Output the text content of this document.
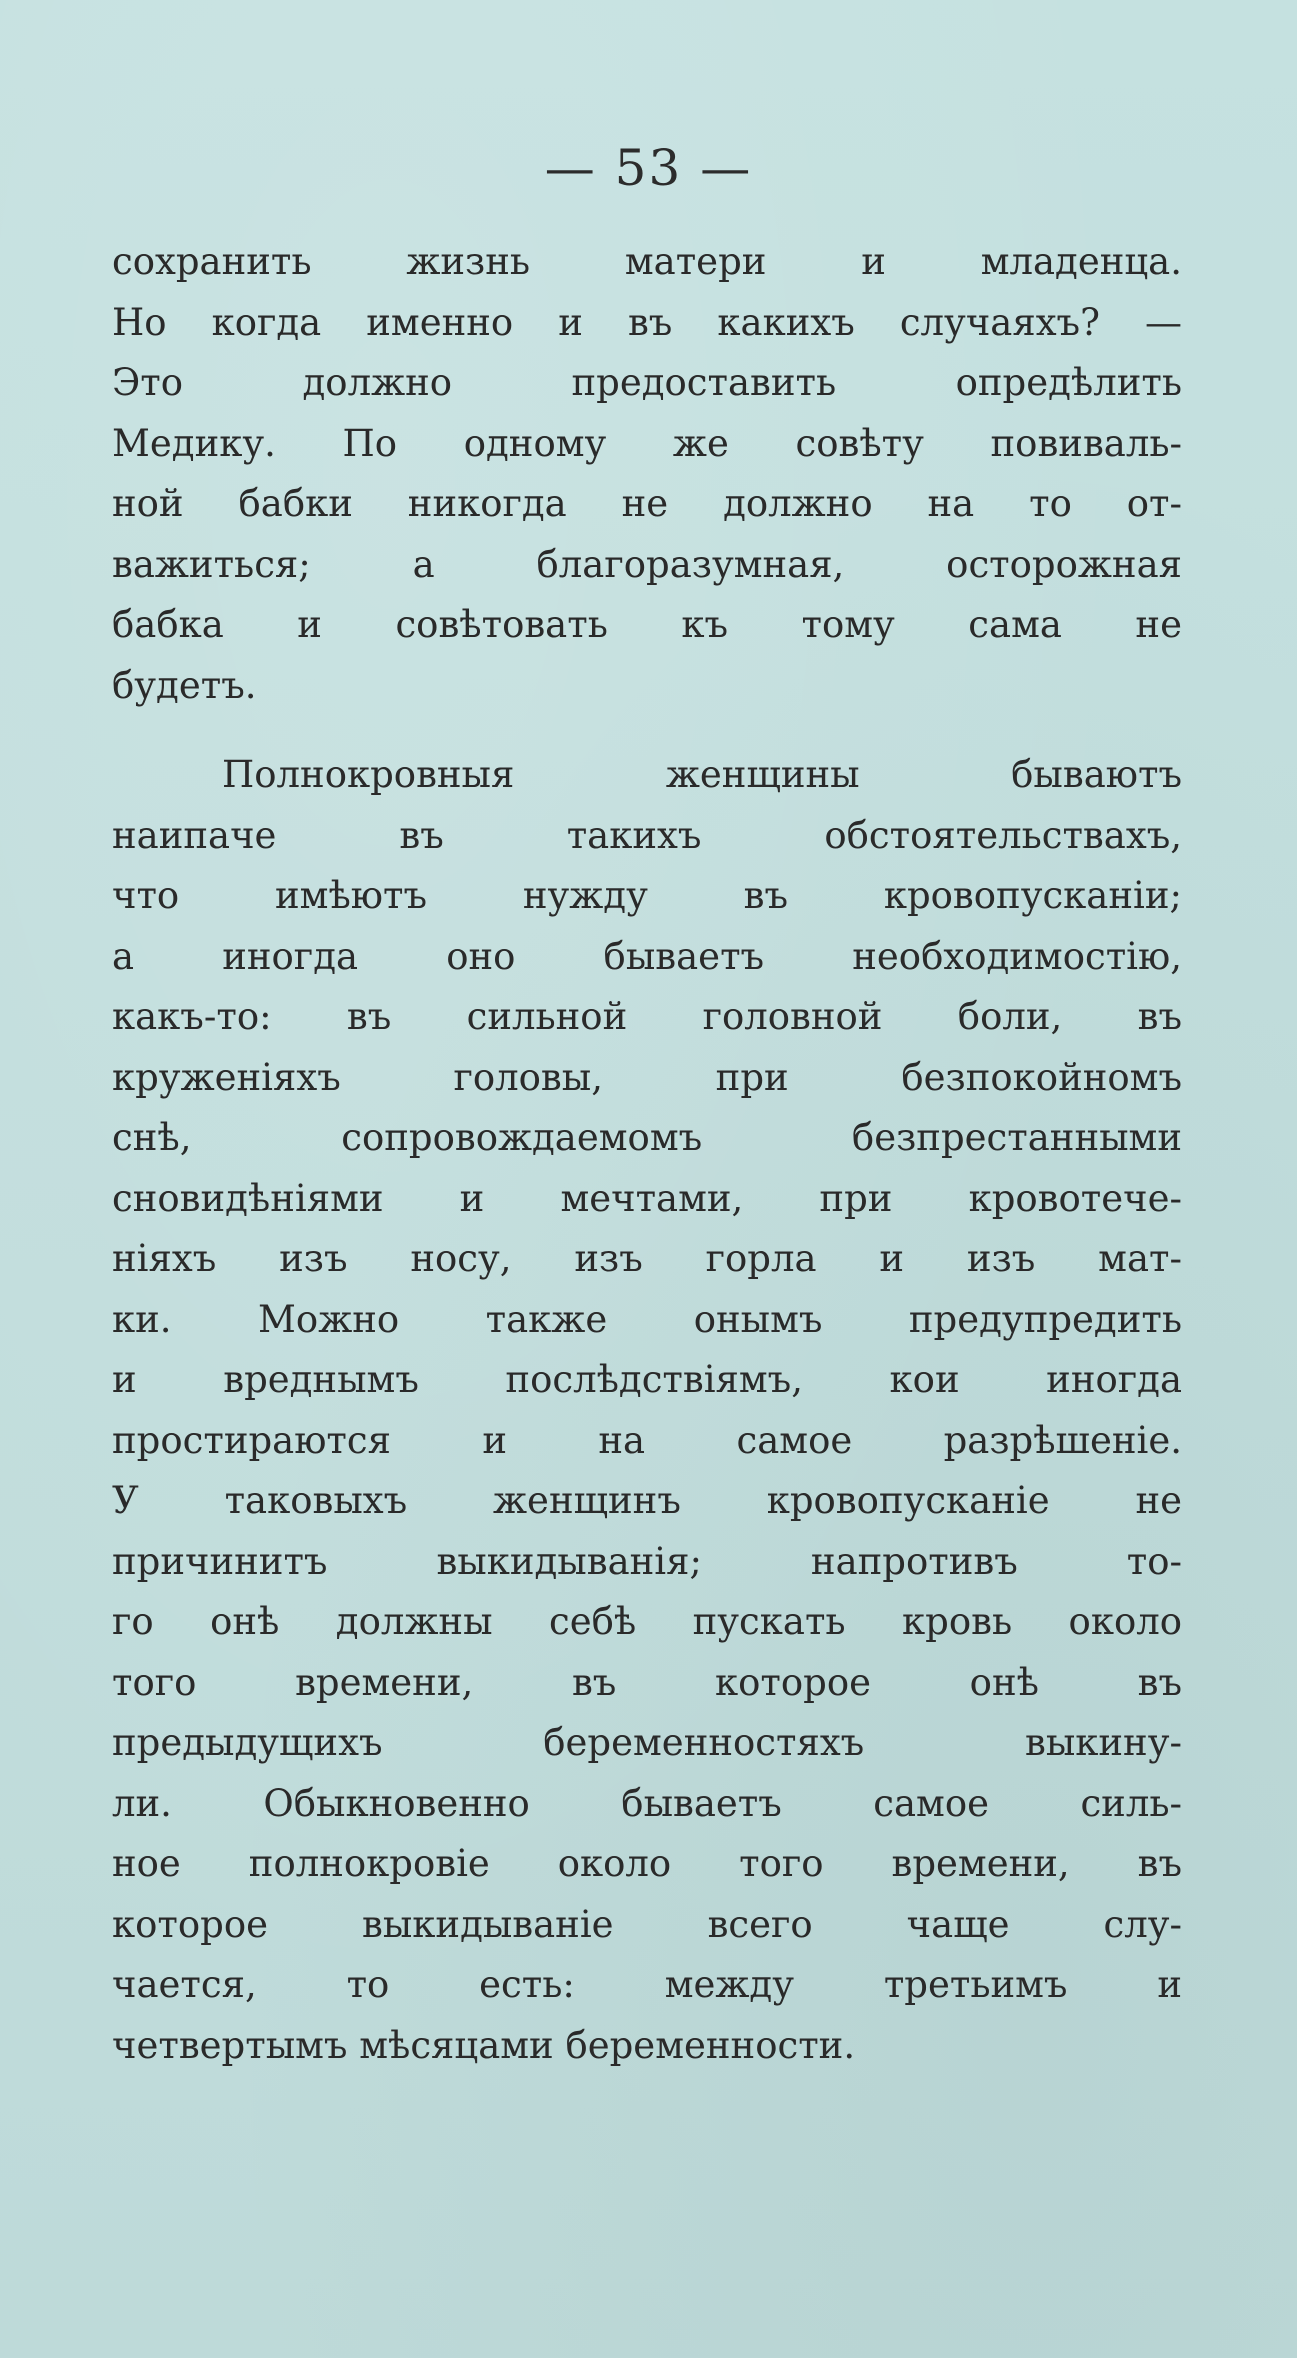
— 53 —
сохранить жизнь матери и младенца.
Но когда именно и въ какихъ случаяхъ? —
Это должно предоставить опредѣлить
Медику. По одному же совѣту повиваль-
ной бабки никогда не должно на то от-
важиться; а благоразумная, осторожная
бабка и совѣтовать къ тому сама не
будетъ.
Полнокровныя женщины бываютъ
наипаче въ такихъ обстоятельствахъ,
что имѣютъ нужду въ кровопусканiи;
а иногда оно бываетъ необходимостiю,
какъ-то: въ сильной головной боли, въ
круженiяхъ головы, при безпокойномъ
снѣ, сопровождаемомъ безпрестанными
сновидѣнiями и мечтами, при кровотече-
нiяхъ изъ носу, изъ горла и изъ мат-
ки. Можно также онымъ предупредить
и вреднымъ послѣдствiямъ, кои иногда
простираются и на самое разрѣшенiе.
У таковыхъ женщинъ кровопусканiе не
причинитъ выкидыванiя; напротивъ то-
го онѣ должны себѣ пускать кровь около
того времени, въ которое онѣ въ
предыдущихъ беременностяхъ выкину-
ли. Обыкновенно бываетъ самое силь-
ное полнокровiе около того времени, въ
которое выкидыванiе всего чаще слу-
чается, то есть: между третьимъ и
четвертымъ мѣсяцами беременности.
